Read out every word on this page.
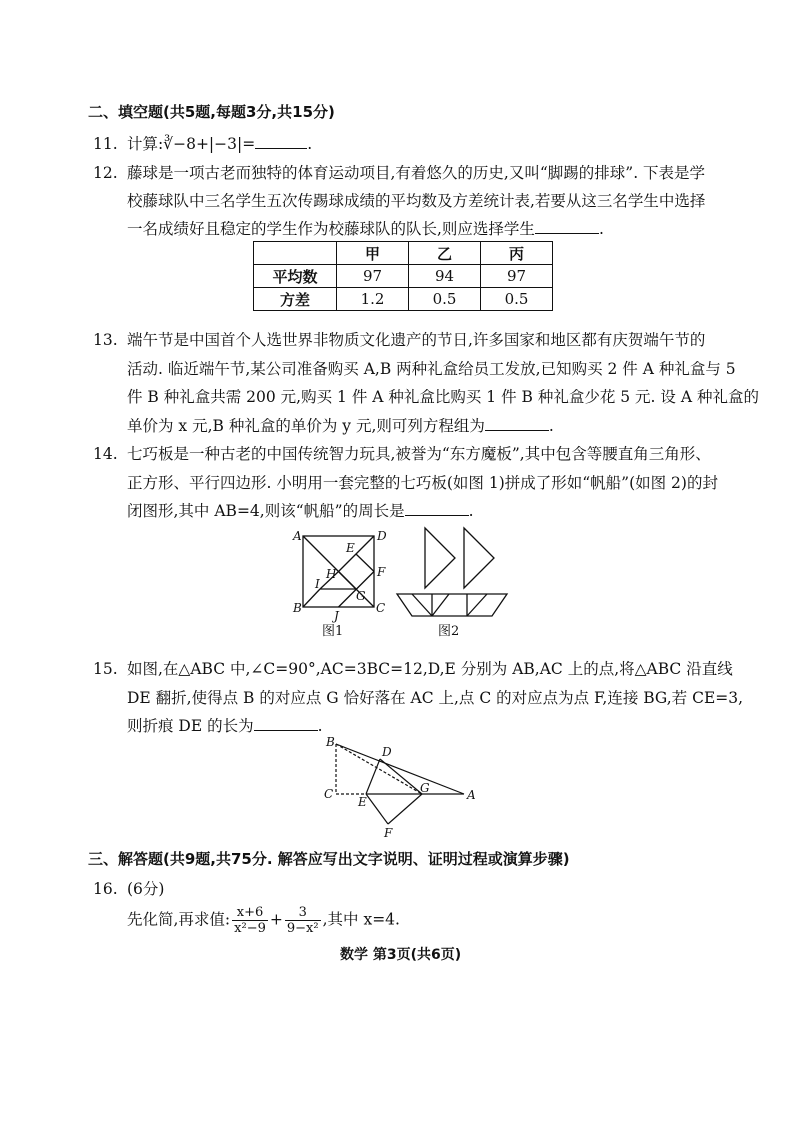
二、填空题(共5题,每题3分,共15分)
11. 计算:∛−8+|−3|=	.
12. 藤球是一项古老而独特的体育运动项目,有着悠久的历史,又叫“脚踢的排球”. 下表是学
校藤球队中三名学生五次传踢球成绩的平均数及方差统计表,若要从这三名学生中选择
一名成绩好且稳定的学生作为校藤球队的队长,则应选择学生	.
	甲	乙	丙
平均数	97	94	97
方差	1.2	0.5	0.5
13. 端午节是中国首个人选世界非物质文化遗产的节日,许多国家和地区都有庆贺端午节的
活动. 临近端午节,某公司准备购买 A,B 两种礼盒给员工发放,已知购买 2 件 A 种礼盒与 5
件 B 种礼盒共需 200 元,购买 1 件 A 种礼盒比购买 1 件 B 种礼盒少花 5 元. 设 A 种礼盒的
单价为 x 元,B 种礼盒的单价为 y 元,则可列方程组为	.
14. 七巧板是一种古老的中国传统智力玩具,被誉为“东方魔板”,其中包含等腰直角三角形、
正方形、平行四边形. 小明用一套完整的七巧板(如图 1)拼成了形如“帆船”(如图 2)的封
闭图形,其中 AB=4,则该“帆船”的周长是	.
A	D
E
H	F
I
G
B
J
C
图1	图2
15. 如图,在△ABC 中,∠C=90°,AC=3BC=12,D,E 分别为 AB,AC 上的点,将△ABC 沿直线
DE 翻折,使得点 B 的对应点 G 恰好落在 AC 上,点 C 的对应点为点 F,连接 BG,若 CE=3,
则折痕 DE 的长为	.
B
D
C
E
G	A
F
三、解答题(共9题,共75分. 解答应写出文字说明、证明过程或演算步骤)
16. (6分)
先化简,再求值: $\frac{x+6}{\text{x²−9}} + \frac{3}{\text{9−x²}}$ ,其中 x=4.
数学 第3页(共6页)
